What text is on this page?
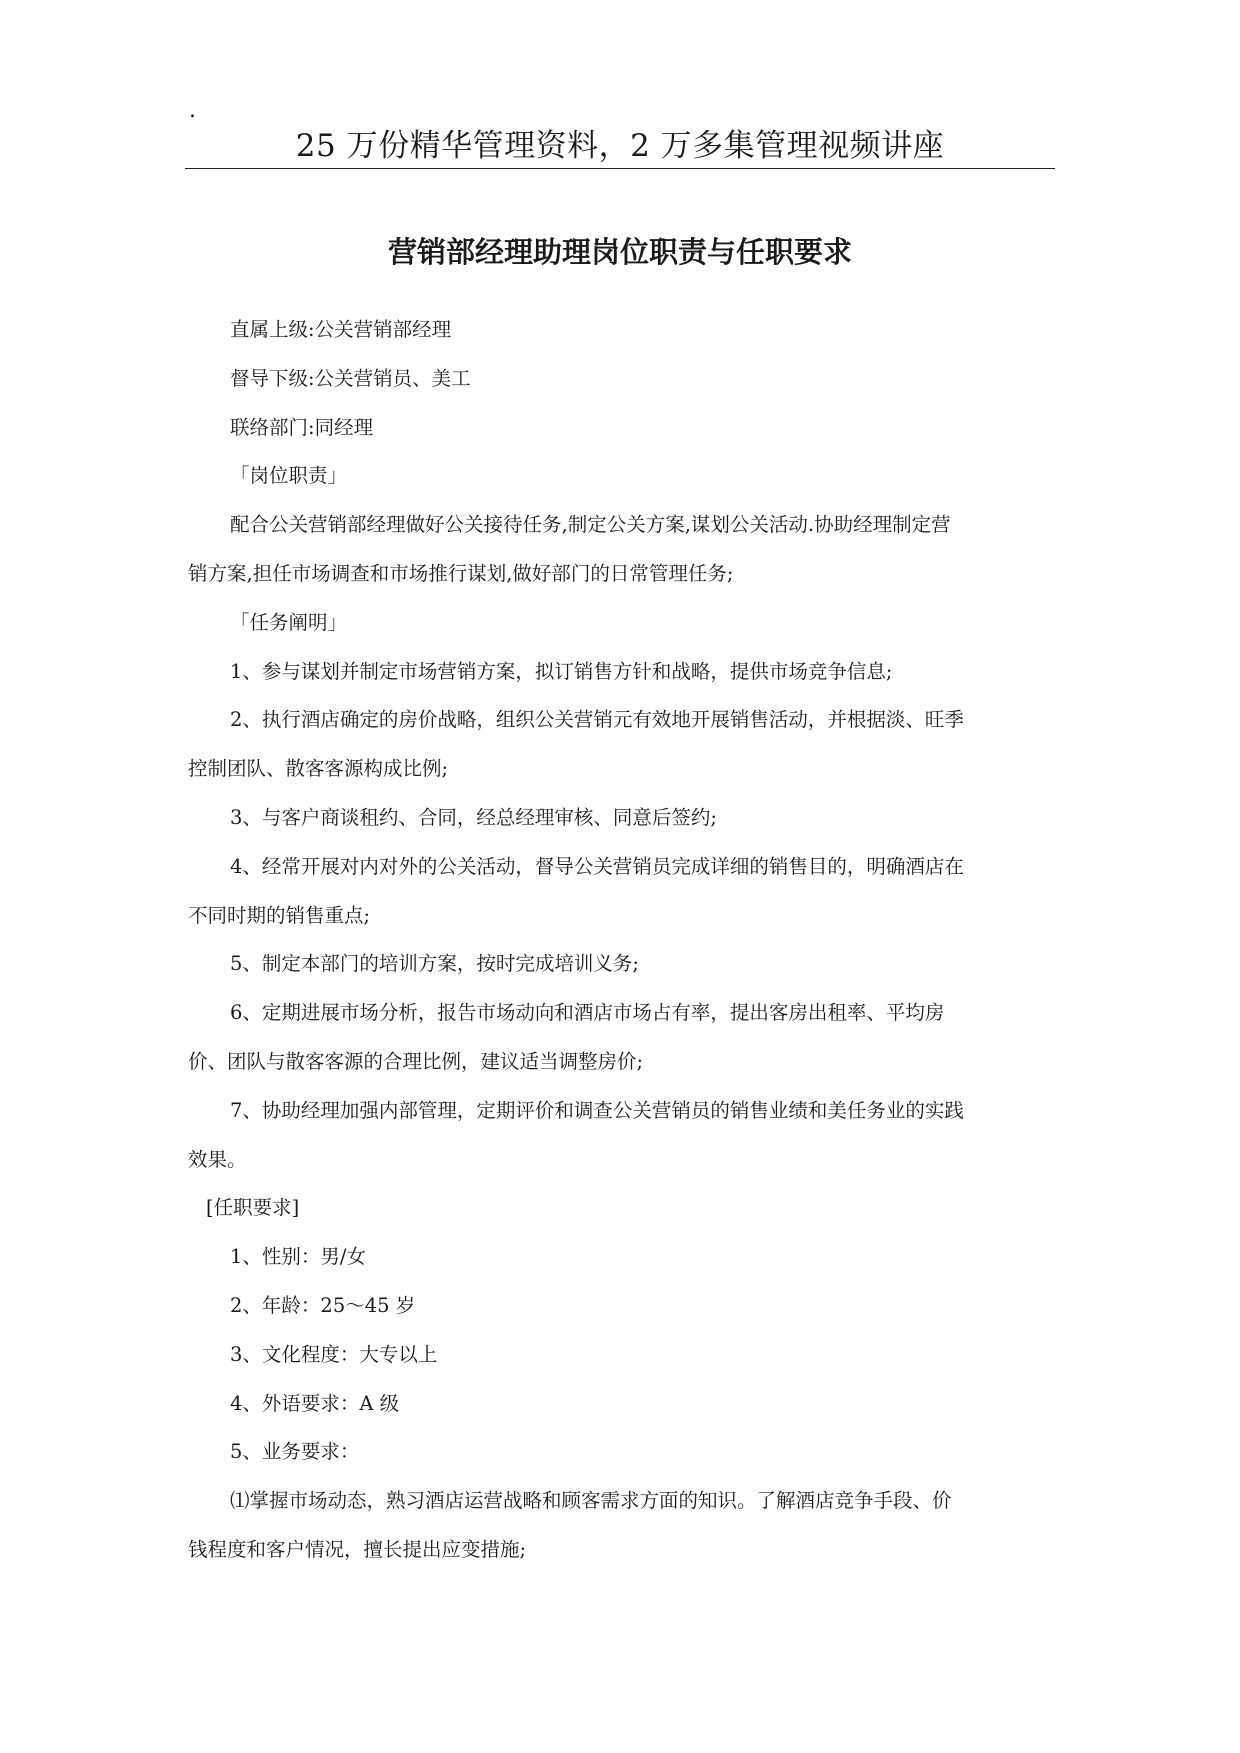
.
25 万份精华管理资料，2 万多集管理视频讲座
营销部经理助理岗位职责与任职要求

直属上级:公关营销部经理

督导下级:公关营销员、美工

联络部门:同经理

「岗位职责」

配合公关营销部经理做好公关接待任务,制定公关方案,谋划公关活动.协助经理制定营

销方案,担任市场调查和市场推行谋划,做好部门的日常管理任务;

「任务阐明」

1、参与谋划并制定市场营销方案，拟订销售方针和战略，提供市场竞争信息;

2、执行酒店确定的房价战略，组织公关营销元有效地开展销售活动，并根据淡、旺季

控制团队、散客客源构成比例;

3、与客户商谈租约、合同，经总经理审核、同意后签约;

4、经常开展对内对外的公关活动，督导公关营销员完成详细的销售目的，明确酒店在

不同时期的销售重点;

5、制定本部门的培训方案，按时完成培训义务;

6、定期进展市场分析，报告市场动向和酒店市场占有率，提出客房出租率、平均房

价、团队与散客客源的合理比例，建议适当调整房价;

7、协助经理加强内部管理，定期评价和调查公关营销员的销售业绩和美任务业的实践

效果。

[任职要求]

1、性别：男/女

2、年龄：25～45 岁

3、文化程度：大专以上

4、外语要求：A 级

5、业务要求：

⑴掌握市场动态，熟习酒店运营战略和顾客需求方面的知识。了解酒店竞争手段、价

钱程度和客户情况，擅长提出应变措施;
